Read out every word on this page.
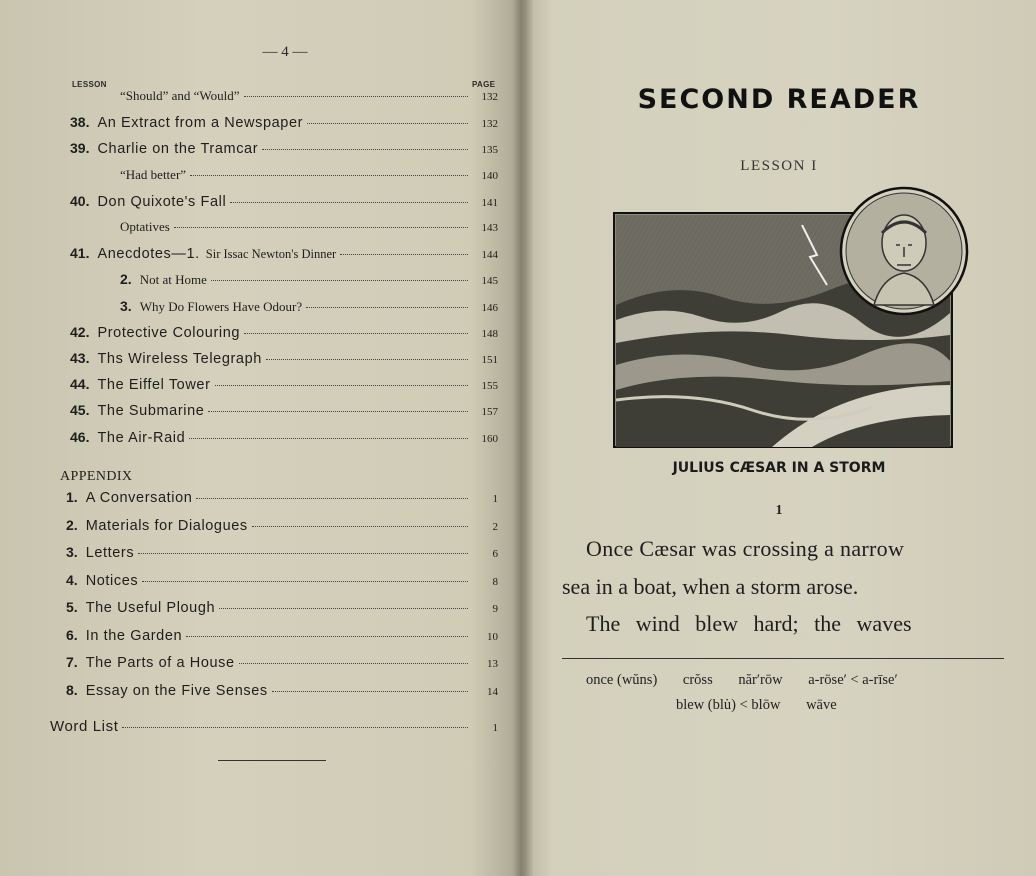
— 4 —
LESSON	PAGE
“Should” and “Would”	132
38. An Extract from a Newspaper	132
39. Charlie on the Tramcar	135
“Had better”	140
40. Don Quixote's Fall	141
Optatives	143
41. Anecdotes—1. Sir Issac Newton's Dinner	144
2. Not at Home	145
3. Why Do Flowers Have Odour?	146
42. Protective Colouring	148
43. Ths Wireless Telegraph	151
44. The Eiffel Tower	155
45. The Submarine	157
46. The Air-Raid	160
APPENDIX
1. A Conversation	1
2. Materials for Dialogues	2
3. Letters	6
4. Notices	8
5. The Useful Plough	9
6. In the Garden	10
7. The Parts of a House	13
8. Essay on the Five Senses	14
Word List	1
SECOND READER
LESSON I
JULIUS CÆSAR IN A STORM
1
Once Cæsar was crossing a narrow
sea in a boat, when a storm arose.
The wind blew hard; the waves
once (wŭns) crŏss năr′rōw a-rōse′ < a-rīse′
blew (blu̇) < blōw wāve
